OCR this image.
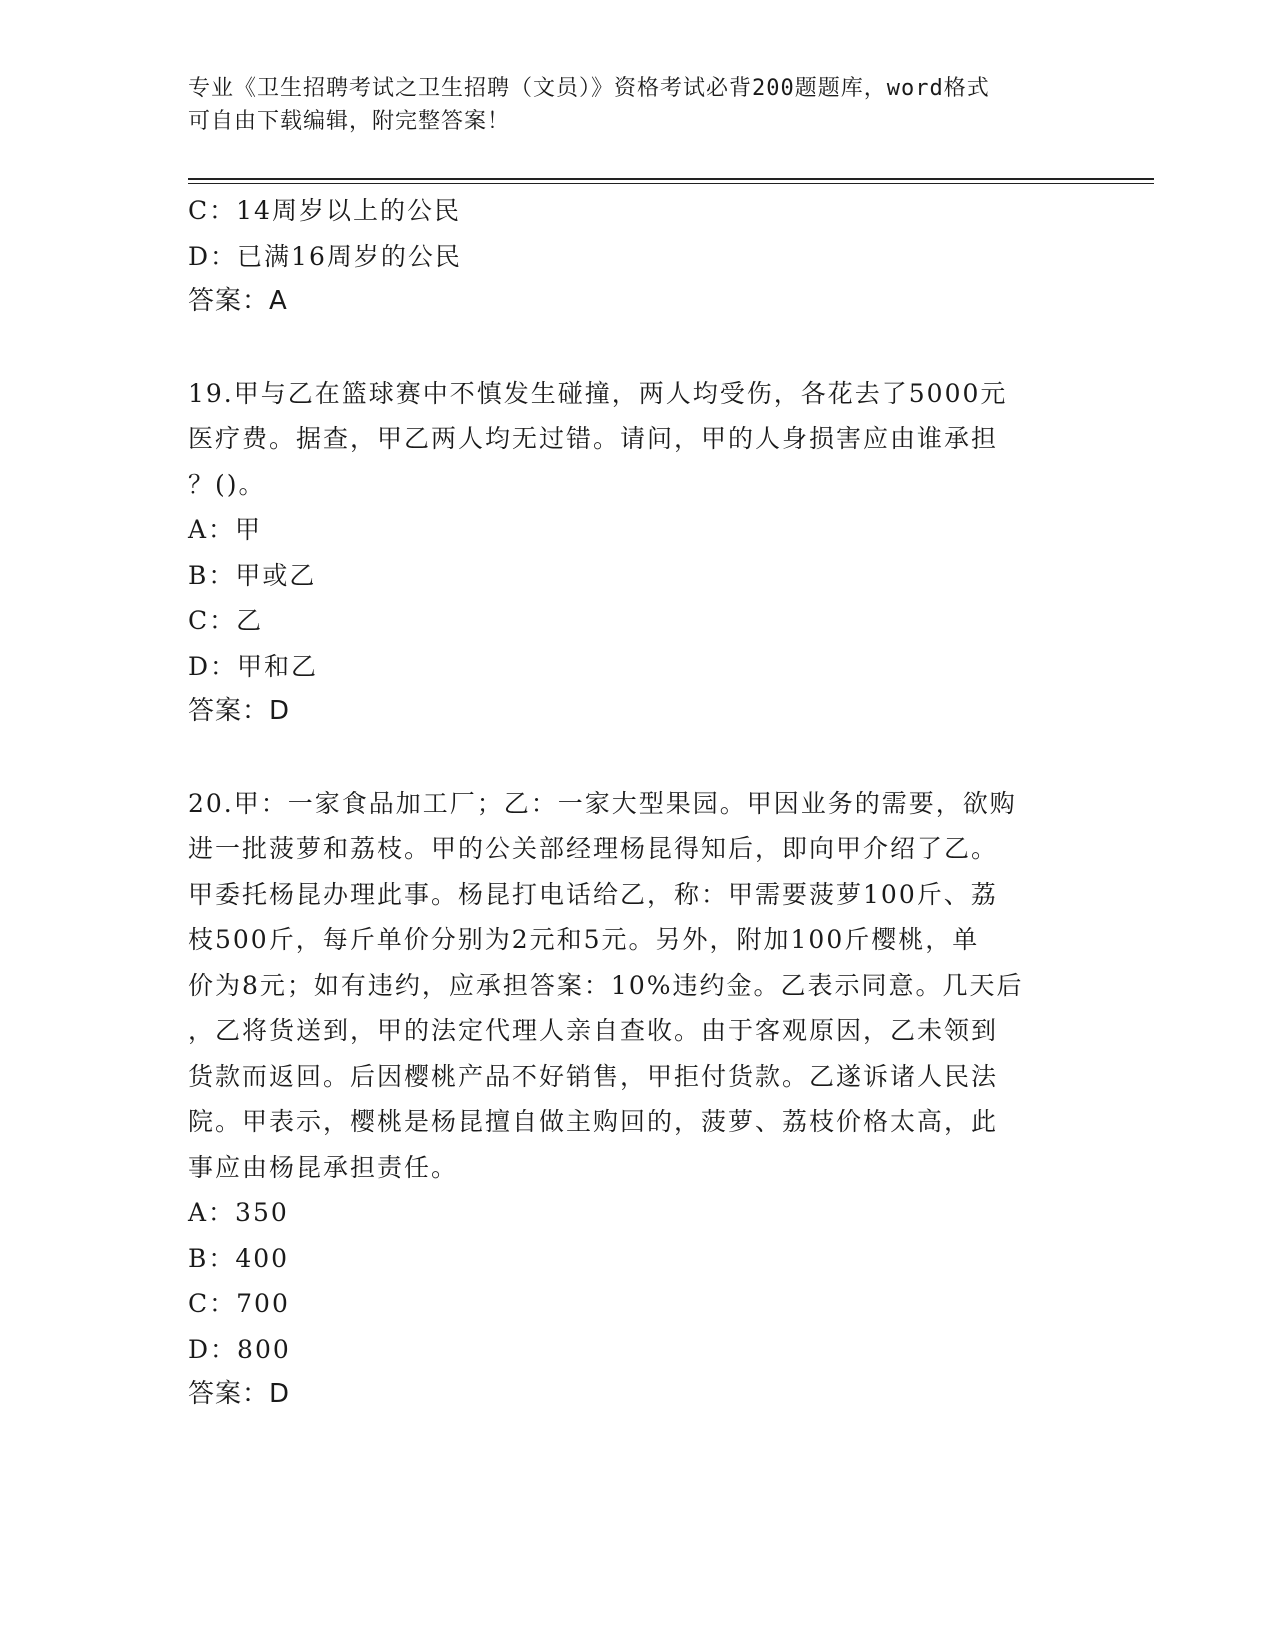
专业《卫生招聘考试之卫生招聘（文员）》资格考试必背200题题库，word格式
可自由下载编辑，附完整答案！
C：14周岁以上的公民
D：已满16周岁的公民
答案：A
19.甲与乙在篮球赛中不慎发生碰撞，两人均受伤，各花去了5000元
医疗费。据查，甲乙两人均无过错。请问，甲的人身损害应由谁承担
？()。
A：甲
B：甲或乙
C：乙
D：甲和乙
答案：D
20.甲：一家食品加工厂；乙：一家大型果园。甲因业务的需要，欲购
进一批菠萝和荔枝。甲的公关部经理杨昆得知后，即向甲介绍了乙。
甲委托杨昆办理此事。杨昆打电话给乙，称：甲需要菠萝100斤、荔
枝500斤，每斤单价分别为2元和5元。另外，附加100斤樱桃，单
价为8元；如有违约，应承担答案：10%违约金。乙表示同意。几天后
，乙将货送到，甲的法定代理人亲自查收。由于客观原因，乙未领到
货款而返回。后因樱桃产品不好销售，甲拒付货款。乙遂诉诸人民法
院。甲表示，樱桃是杨昆擅自做主购回的，菠萝、荔枝价格太高，此
事应由杨昆承担责任。
A：350
B：400
C：700
D：800
答案：D
